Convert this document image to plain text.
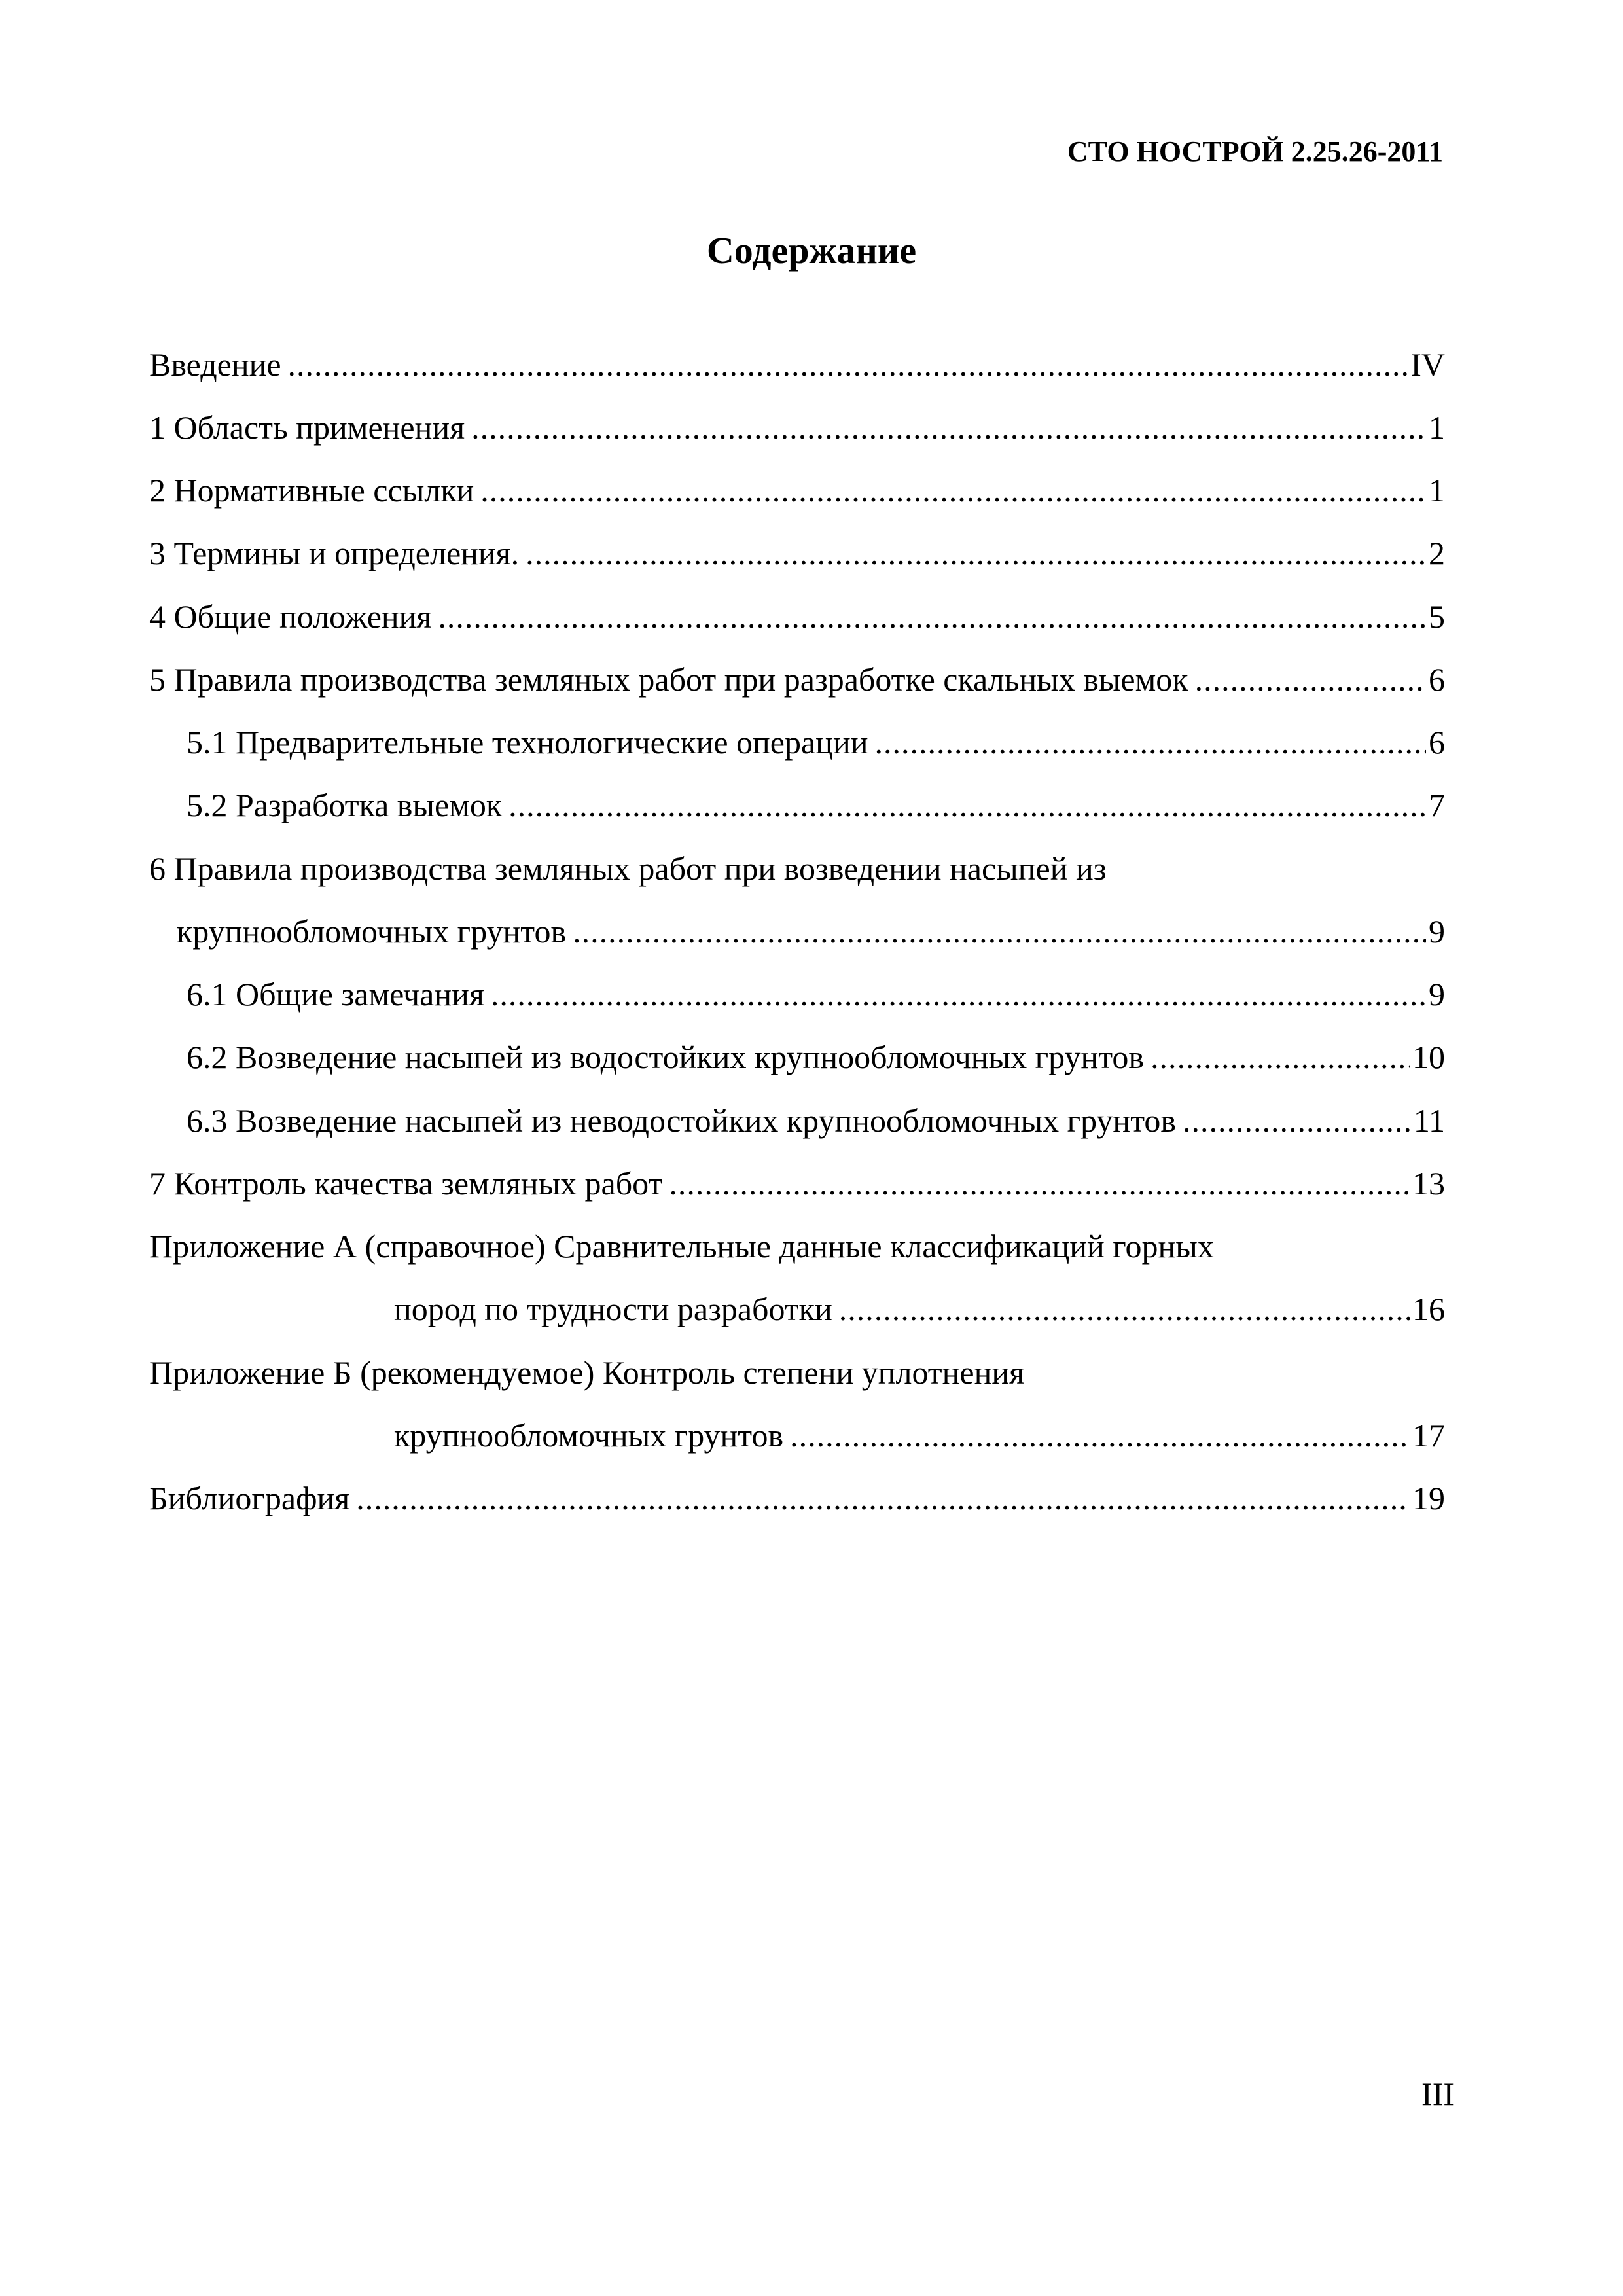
СТО НОСТРОЙ 2.25.26-2011
Содержание
Введение .....	IV
1 Область применения .....	1
2 Нормативные ссылки .....	1
3 Термины и определения. .....	2
4 Общие положения .....	5
5 Правила производства земляных работ при разработке скальных выемок .....	6
5.1 Предварительные технологические операции .....	6
5.2 Разработка выемок .....	7
6 Правила производства земляных работ при возведении насыпей из
крупнообломочных грунтов .....	9
6.1 Общие замечания .....	9
6.2 Возведение насыпей из водостойких крупнообломочных грунтов .....	10
6.3 Возведение насыпей из неводостойких крупнообломочных грунтов .....	11
7 Контроль качества земляных работ .....	13
Приложение А (справочное) Сравнительные данные классификаций горных
пород по трудности разработки .....	16
Приложение Б (рекомендуемое) Контроль степени уплотнения
крупнообломочных грунтов .....	17
Библиография .....	19
III
